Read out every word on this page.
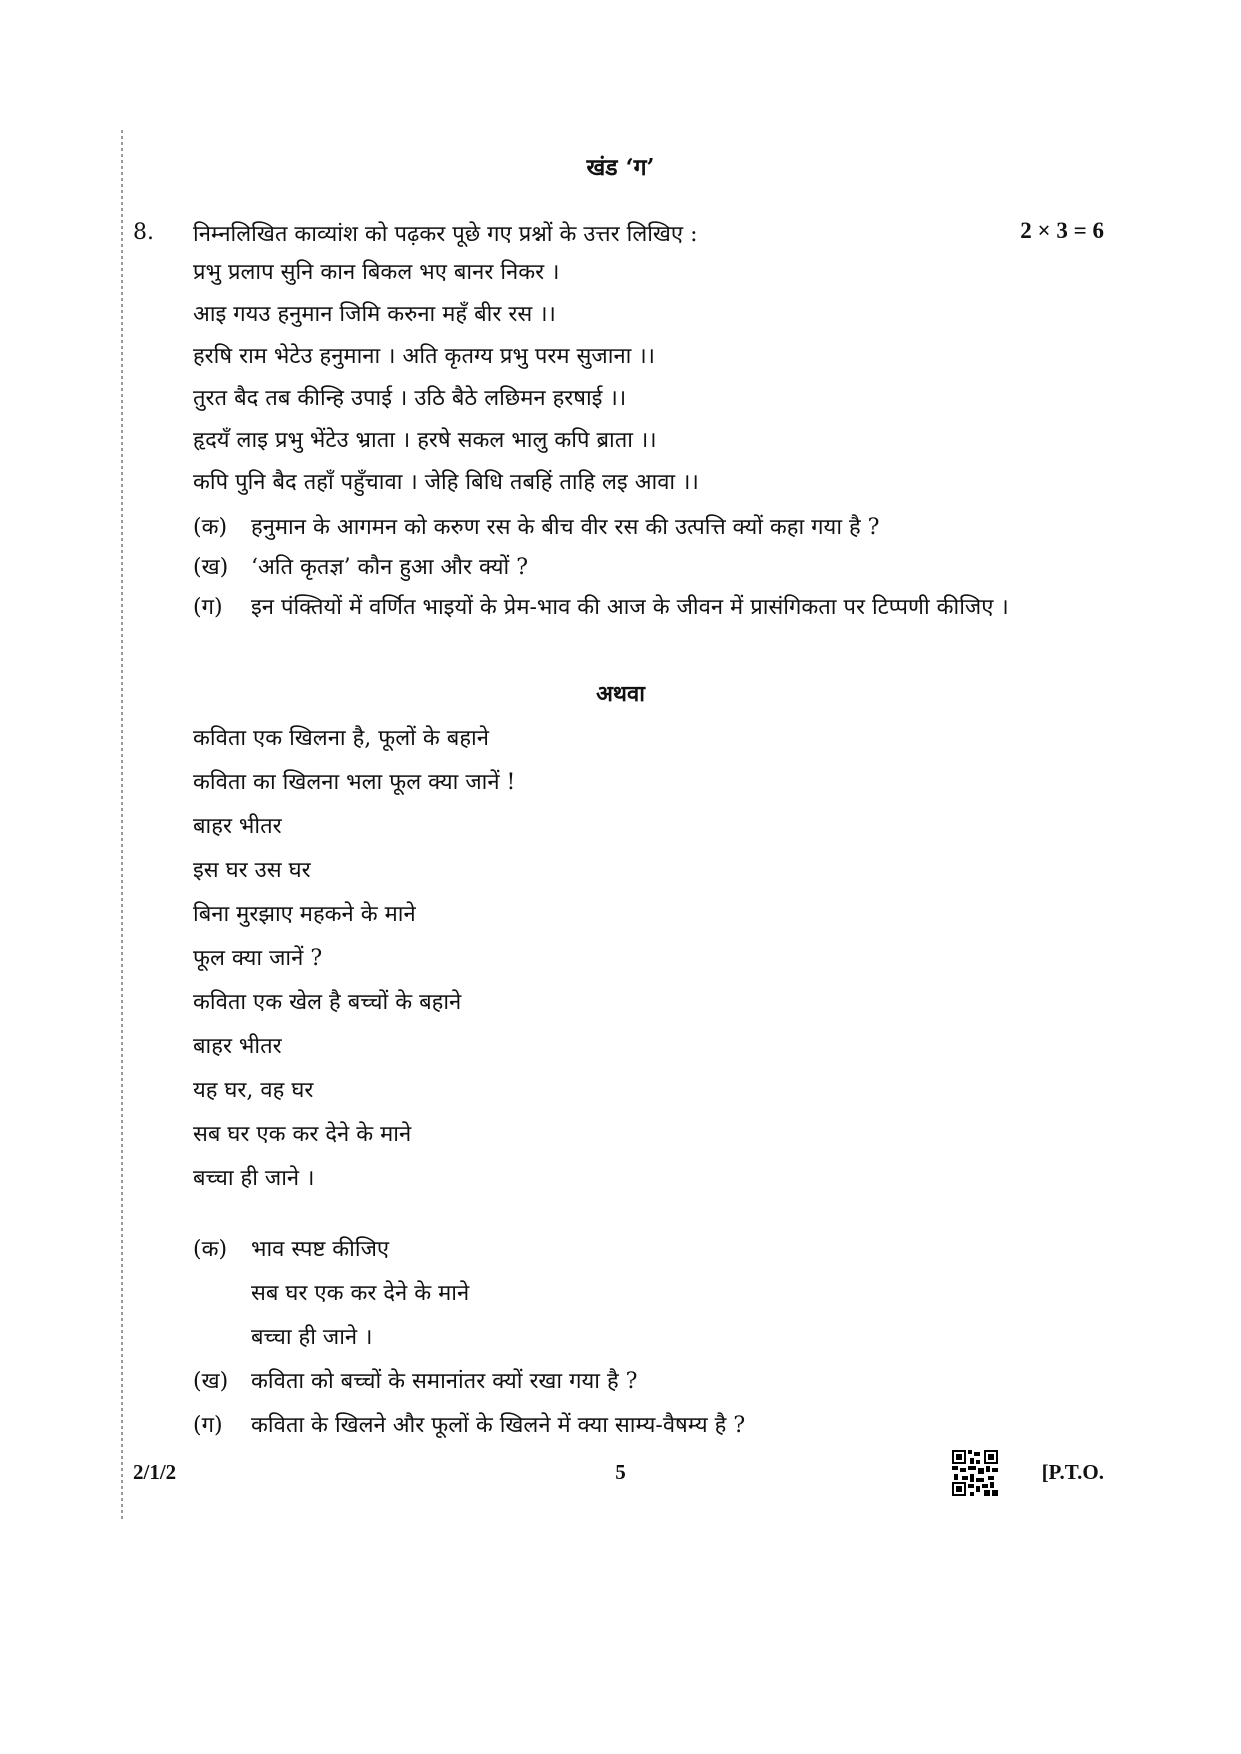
खंड ‘ग’
8. निम्नलिखित काव्यांश को पढ़कर पूछे गए प्रश्नों के उत्तर लिखिए :	2 × 3 = 6
प्रभु प्रलाप सुनि कान बिकल भए बानर निकर ।
आइ गयउ हनुमान जिमि करुना महँ बीर रस ।।
हरषि राम भेटेउ हनुमाना । अति कृतग्य प्रभु परम सुजाना ।।
तुरत बैद तब कीन्हि उपाई । उठि बैठे लछिमन हरषाई ।।
हृदयँ लाइ प्रभु भेंटेउ भ्राता । हरषे सकल भालु कपि ब्राता ।।
कपि पुनि बैद तहाँ पहुँचावा । जेहि बिधि तबहिं ताहि लइ आवा ।।
(क)	हनुमान के आगमन को करुण रस के बीच वीर रस की उत्पत्ति क्यों कहा गया है ?
(ख)	‘अति कृतज्ञ’ कौन हुआ और क्यों ?
(ग)	इन पंक्तियों में वर्णित भाइयों के प्रेम-भाव की आज के जीवन में प्रासंगिकता पर टिप्पणी कीजिए ।
अथवा
कविता एक खिलना है, फूलों के बहाने
कविता का खिलना भला फूल क्या जानें !
बाहर भीतर
इस घर उस घर
बिना मुरझाए महकने के माने
फूल क्या जानें ?
कविता एक खेल है बच्चों के बहाने
बाहर भीतर
यह घर, वह घर
सब घर एक कर देने के माने
बच्चा ही जाने ।
(क)	भाव स्पष्ट कीजिए
सब घर एक कर देने के माने
बच्चा ही जाने ।
(ख)	कविता को बच्चों के समानांतर क्यों रखा गया है ?
(ग)	कविता के खिलने और फूलों के खिलने में क्या साम्य-वैषम्य है ?
2/1/2	5	[P.T.O.
